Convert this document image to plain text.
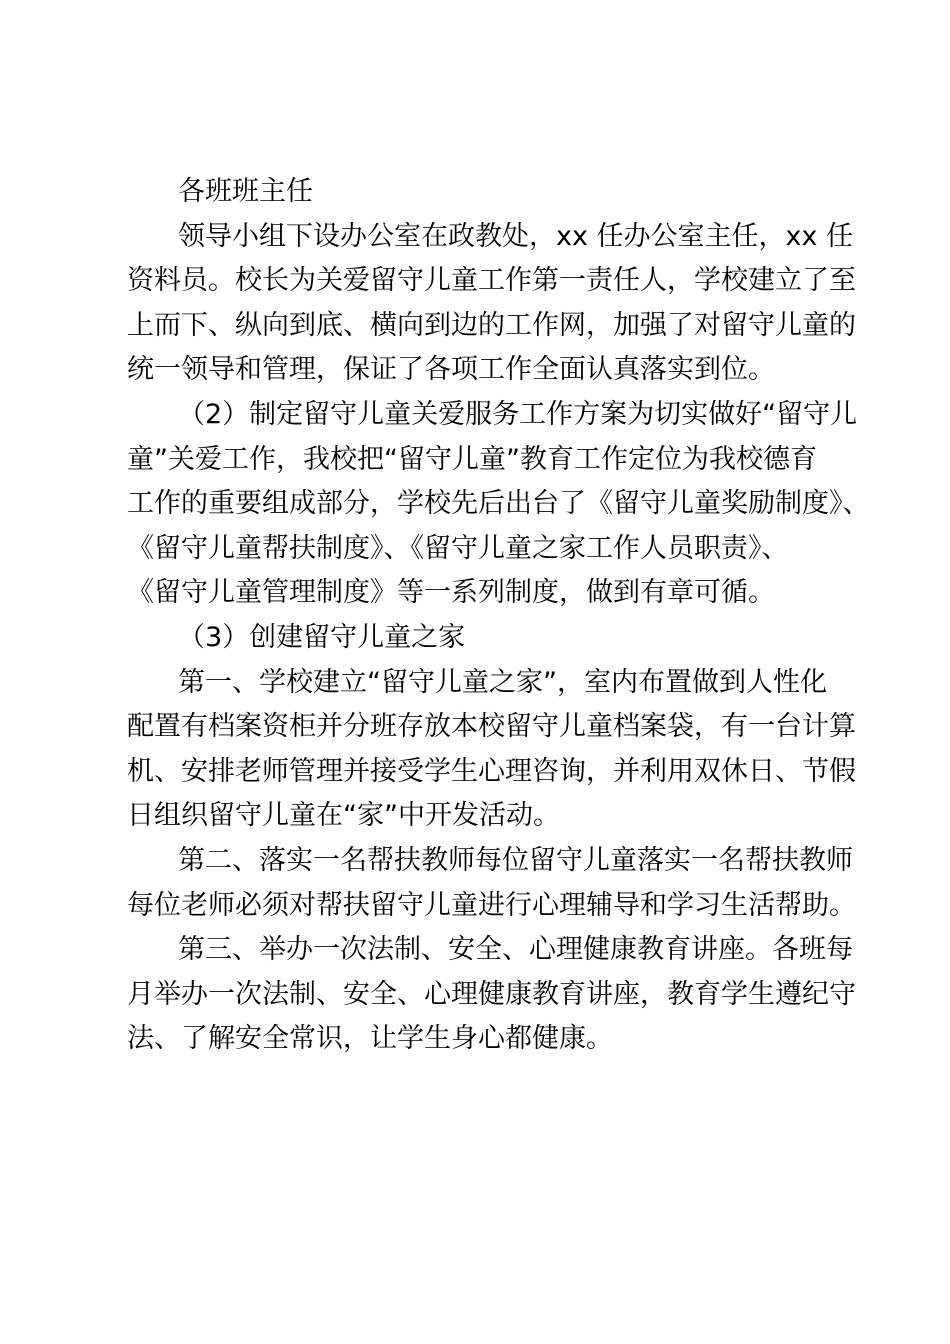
各班班主任

领导小组下设办公室在政教处，xx 任办公室主任，xx 任
资料员。校长为关爱留守儿童工作第一责任人，学校建立了至
上而下、纵向到底、横向到边的工作网，加强了对留守儿童的
统一领导和管理，保证了各项工作全面认真落实到位。

（2）制定留守儿童关爱服务工作方案为切实做好“留守儿
童”关爱工作，我校把“留守儿童”教育工作定位为我校德育
工作的重要组成部分，学校先后出台了《留守儿童奖励制度》、
《留守儿童帮扶制度》、《留守儿童之家工作人员职责》、
《留守儿童管理制度》等一系列制度，做到有章可循。

（3）创建留守儿童之家

第一、学校建立“留守儿童之家”，室内布置做到人性化
配置有档案资柜并分班存放本校留守儿童档案袋，有一台计算
机、安排老师管理并接受学生心理咨询，并利用双休日、节假
日组织留守儿童在“家”中开发活动。

第二、落实一名帮扶教师每位留守儿童落实一名帮扶教师
每位老师必须对帮扶留守儿童进行心理辅导和学习生活帮助。

第三、举办一次法制、安全、心理健康教育讲座。各班每
月举办一次法制、安全、心理健康教育讲座，教育学生遵纪守
法、了解安全常识，让学生身心都健康。
